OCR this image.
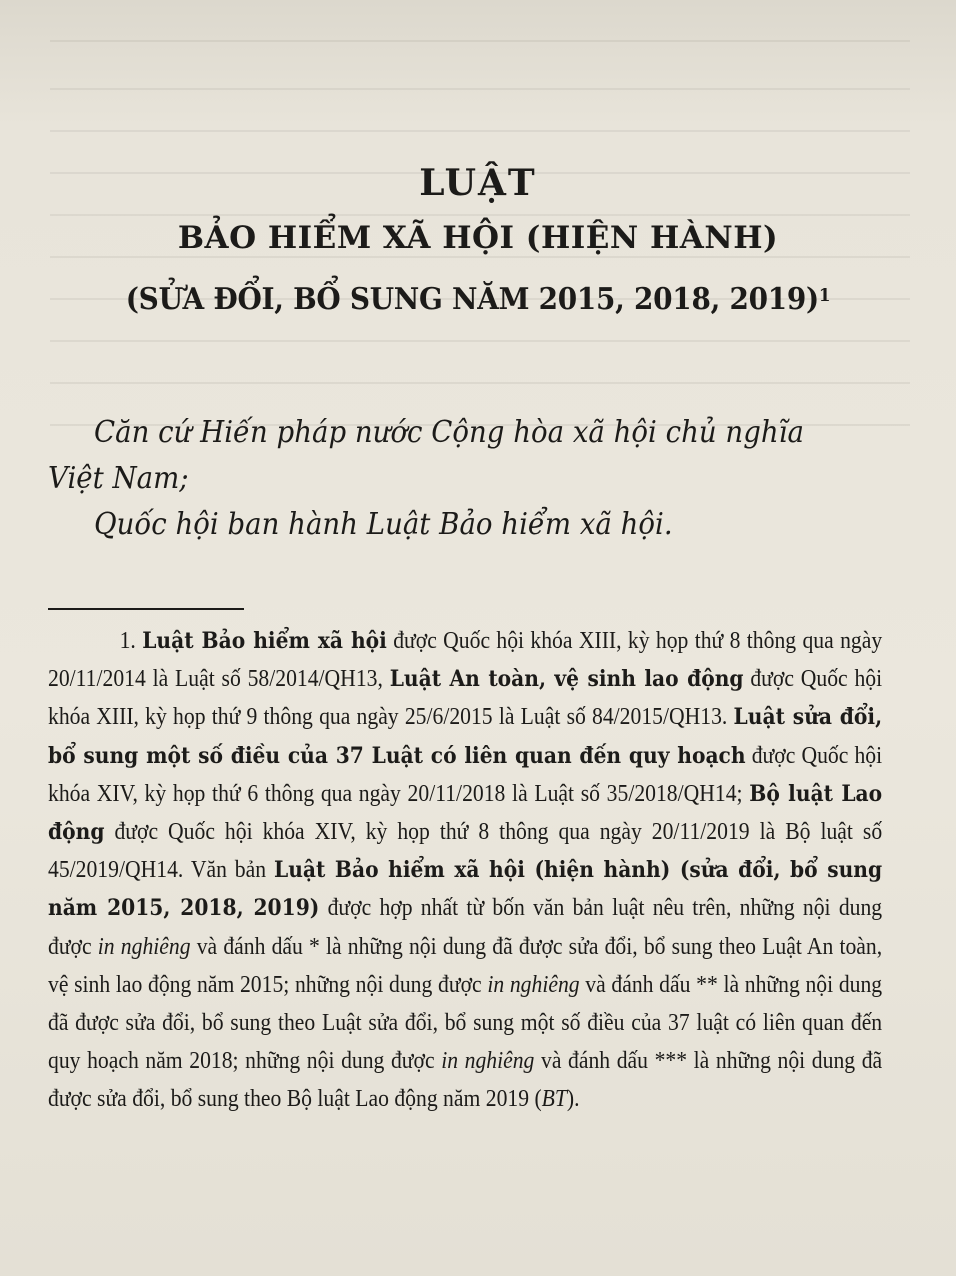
LUẬT
BẢO HIỂM XÃ HỘI (HIỆN HÀNH)
(SỬA ĐỔI, BỔ SUNG NĂM 2015, 2018, 2019)$^1$

Căn cứ Hiến pháp nước Cộng hòa xã hội chủ nghĩa

Việt Nam;

Quốc hội ban hành Luật Bảo hiểm xã hội.

1. Luật Bảo hiểm xã hội được Quốc hội khóa XIII, kỳ họp thứ 8 thông qua ngày 20/11/2014 là Luật số 58/2014/QH13, Luật An toàn, vệ sinh lao động được Quốc hội khóa XIII, kỳ họp thứ 9 thông qua ngày 25/6/2015 là Luật số 84/2015/QH13. Luật sửa đổi, bổ sung một số điều của 37 Luật có liên quan đến quy hoạch được Quốc hội khóa XIV, kỳ họp thứ 6 thông qua ngày 20/11/2018 là Luật số 35/2018/QH14; Bộ luật Lao động được Quốc hội khóa XIV, kỳ họp thứ 8 thông qua ngày 20/11/2019 là Bộ luật số 45/2019/QH14. Văn bản Luật Bảo hiểm xã hội (hiện hành) (sửa đổi, bổ sung năm 2015, 2018, 2019) được hợp nhất từ bốn văn bản luật nêu trên, những nội dung được in nghiêng và đánh dấu * là những nội dung đã được sửa đổi, bổ sung theo Luật An toàn, vệ sinh lao động năm 2015; những nội dung được in nghiêng và đánh dấu ** là những nội dung đã được sửa đổi, bổ sung theo Luật sửa đổi, bổ sung một số điều của 37 luật có liên quan đến quy hoạch năm 2018; những nội dung được in nghiêng và đánh dấu *** là những nội dung đã được sửa đổi, bổ sung theo Bộ luật Lao động năm 2019 (BT).
